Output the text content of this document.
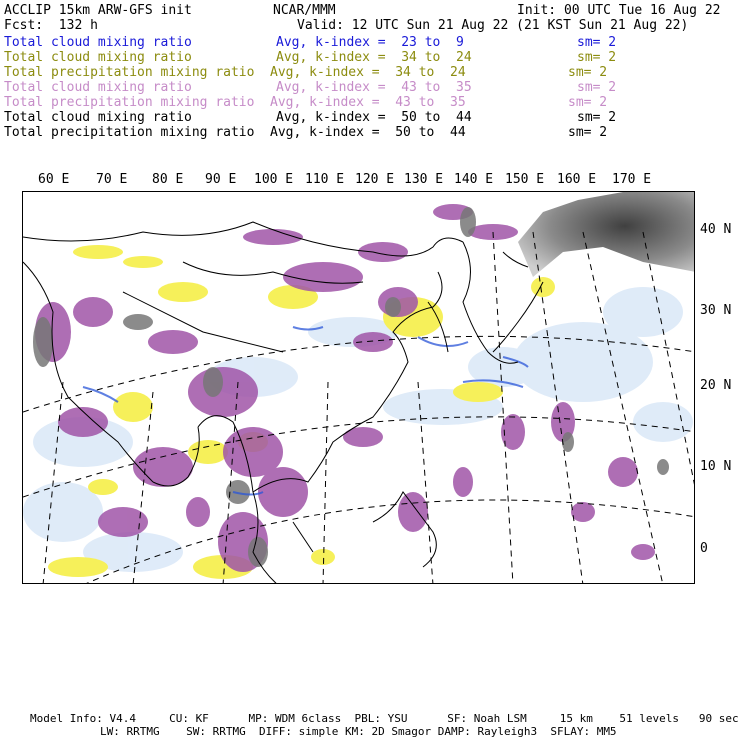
ACCLIP 15km ARW-GFS init	NCAR/MMM	Init: 00 UTC Tue 16 Aug 22
Fcst:  132 h	Valid: 12 UTC Sun 21 Aug 22 (21 KST Sun 21 Aug 22)
Total cloud mixing ratio	Avg, k-index =  23 to  9	sm= 2
Total cloud mixing ratio	Avg, k-index =  34 to  24	sm= 2
Total precipitation mixing ratio Avg, k-index =  34 to  24	sm= 2
Total cloud mixing ratio	Avg, k-index =  43 to  35	sm= 2
Total precipitation mixing ratio Avg, k-index =  43 to  35	sm= 2
Total cloud mixing ratio	Avg, k-index =  50 to  44	sm= 2
Total precipitation mixing ratio Avg, k-index =  50 to  44	sm= 2
60 E 70 E 80 E 90 E 100 E 110 E 120 E 130 E 140 E 150 E 160 E 170 E
40 N
30 N
20 N
10 N
0
Model Info: V4.4     CU: KF      MP: WDM 6class  PBL: YSU      SF: Noah LSM     15 km    51 levels   90 sec
LW: RRTMG    SW: RRTMG  DIFF: simple KM: 2D Smagor DAMP: Rayleigh3  SFLAY: MM5
